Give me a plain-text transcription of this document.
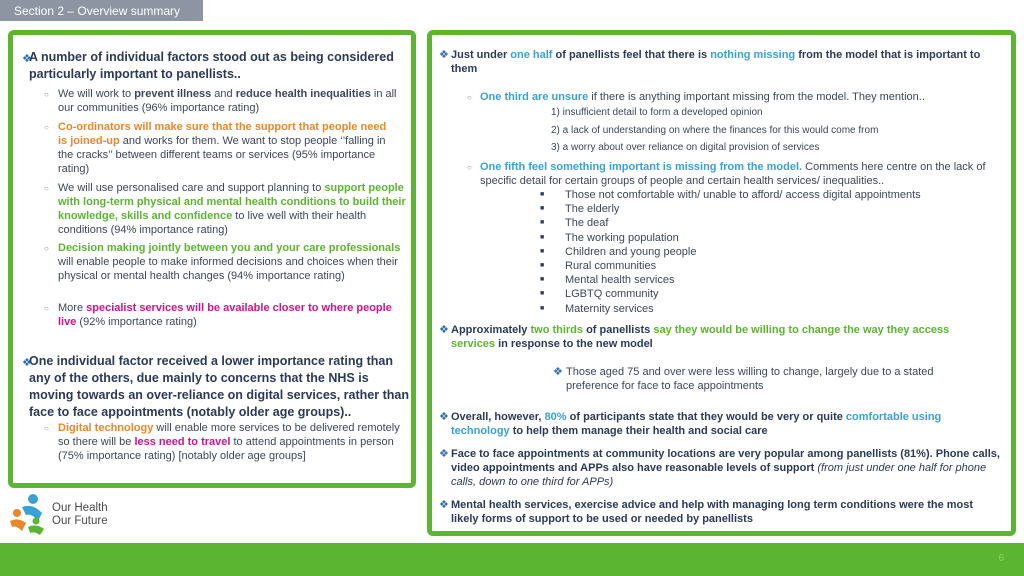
Section 2 – Overview summary
❖
A number of individual factors stood out as being considered particularly important to panellists..
○ We will work to prevent illness and reduce health inequalities in all our communities (96% importance rating)
○ Co-ordinators will make sure that the support that people need is joined-up and works for them. We want to stop people ‘’falling in the cracks’’ between different teams or services (95% importance rating)
○ We will use personalised care and support planning to support people with long-term physical and mental health conditions to build their knowledge, skills and confidence to live well with their health conditions (94% importance rating)
○ Decision making jointly between you and your care professionals will enable people to make informed decisions and choices when their physical or mental health changes (94% importance rating)
○ More specialist services will be available closer to where people live (92% importance rating)
❖
One individual factor received a lower importance rating than any of the others, due mainly to concerns that the NHS is moving towards an over-reliance on digital services, rather than face to face appointments (notably older age groups)..
○ Digital technology will enable more services to be delivered remotely so there will be less need to travel to attend appointments in person (75% importance rating) [notably older age groups]
❖ Just under one half of panellists feel that there is nothing missing from the model that is important to them
○ One third are unsure if there is anything important missing from the model. They mention..
1) insufficient detail to form a developed opinion
2) a lack of understanding on where the finances for this would come from
3) a worry about over reliance on digital provision of services
○ One fifth feel something important is missing from the model. Comments here centre on the lack of specific detail for certain groups of people and certain health services/ inequalities..
■ Those not comfortable with/ unable to afford/ access digital appointments
■ The elderly
■ The deaf
■ The working population
■ Children and young people
■ Rural communities
■ Mental health services
■ LGBTQ community
■ Maternity services
❖ Approximately two thirds of panellists say they would be willing to change the way they access services in response to the new model
❖ Those aged 75 and over were less willing to change, largely due to a stated preference for face to face appointments
❖ Overall, however, 80% of participants state that they would be very or quite comfortable using technology to help them manage their health and social care
❖ Face to face appointments at community locations are very popular among panellists (81%). Phone calls, video appointments and APPs also have reasonable levels of support (from just under one half for phone calls, down to one third for APPs)
❖ Mental health services, exercise advice and help with managing long term conditions were the most likely forms of support to be used or needed by panellists
Our Health
Our Future
6
